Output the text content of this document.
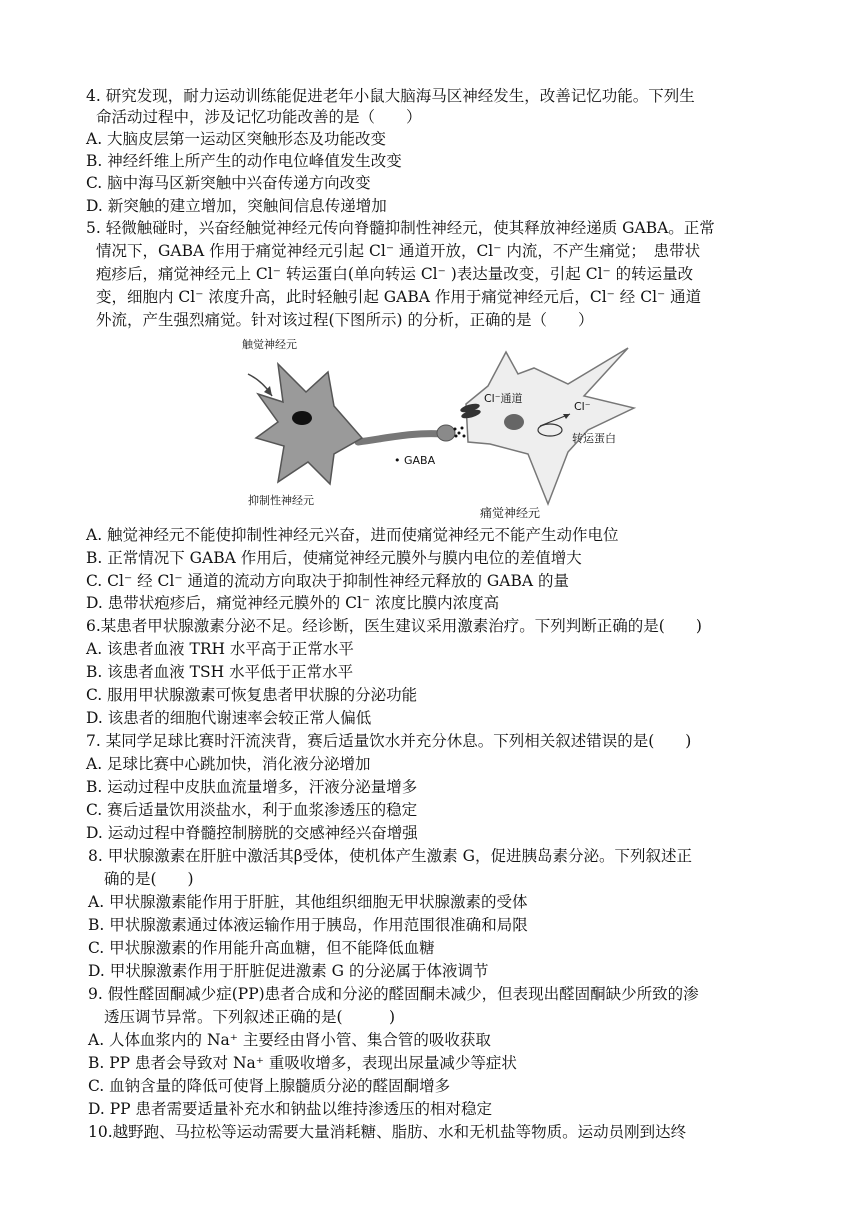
4. 研究发现，耐力运动训练能促进老年小鼠大脑海马区神经发生，改善记忆功能。下列生
命活动过程中，涉及记忆功能改善的是（　　）
A. 大脑皮层第一运动区突触形态及功能改变
B. 神经纤维上所产生的动作电位峰值发生改变
C. 脑中海马区新突触中兴奋传递方向改变
D. 新突触的建立增加，突触间信息传递增加
5. 轻微触碰时，兴奋经触觉神经元传向脊髓抑制性神经元，使其释放神经递质 GABA。正常
情况下，GABA 作用于痛觉神经元引起 Cl⁻ 通道开放，Cl⁻ 内流，不产生痛觉；　患带状
疱疹后，痛觉神经元上 Cl⁻ 转运蛋白(单向转运 Cl⁻ )表达量改变，引起 Cl⁻ 的转运量改
变，细胞内 Cl⁻ 浓度升高，此时轻触引起 GABA 作用于痛觉神经元后，Cl⁻ 经 Cl⁻ 通道
外流，产生强烈痛觉。针对该过程(下图所示) 的分析，正确的是（　　）
触觉神经元
抑制性神经元
• GABA
Cl⁻通道
Cl⁻
转运蛋白
痛觉神经元
A. 触觉神经元不能使抑制性神经元兴奋，进而使痛觉神经元不能产生动作电位
B. 正常情况下 GABA 作用后，使痛觉神经元膜外与膜内电位的差值增大
C. Cl⁻ 经 Cl⁻ 通道的流动方向取决于抑制性神经元释放的 GABA 的量
D. 患带状疱疹后，痛觉神经元膜外的 Cl⁻ 浓度比膜内浓度高
6.某患者甲状腺激素分泌不足。经诊断，医生建议采用激素治疗。下列判断正确的是(　　)
A. 该患者血液 TRH 水平高于正常水平
B. 该患者血液 TSH 水平低于正常水平
C. 服用甲状腺激素可恢复患者甲状腺的分泌功能
D. 该患者的细胞代谢速率会较正常人偏低
7. 某同学足球比赛时汗流浃背，赛后适量饮水并充分休息。下列相关叙述错误的是(　　)
A. 足球比赛中心跳加快，消化液分泌增加
B. 运动过程中皮肤血流量增多，汗液分泌量增多
C. 赛后适量饮用淡盐水，利于血浆渗透压的稳定
D. 运动过程中脊髓控制膀胱的交感神经兴奋增强
8. 甲状腺激素在肝脏中激活其β受体，使机体产生激素 G，促进胰岛素分泌。下列叙述正
确的是(　　)
A. 甲状腺激素能作用于肝脏，其他组织细胞无甲状腺激素的受体
B. 甲状腺激素通过体液运输作用于胰岛，作用范围很准确和局限
C. 甲状腺激素的作用能升高血糖，但不能降低血糖
D. 甲状腺激素作用于肝脏促进激素 G 的分泌属于体液调节
9. 假性醛固酮减少症(PP)患者合成和分泌的醛固酮未减少，但表现出醛固酮缺少所致的渗
透压调节异常。下列叙述正确的是(　　　)
A. 人体血浆内的 Na⁺ 主要经由肾小管、集合管的吸收获取
B. PP 患者会导致对 Na⁺ 重吸收增多，表现出尿量减少等症状
C. 血钠含量的降低可使肾上腺髓质分泌的醛固酮增多
D. PP 患者需要适量补充水和钠盐以维持渗透压的相对稳定
10.越野跑、马拉松等运动需要大量消耗糖、脂肪、水和无机盐等物质。运动员刚到达终
